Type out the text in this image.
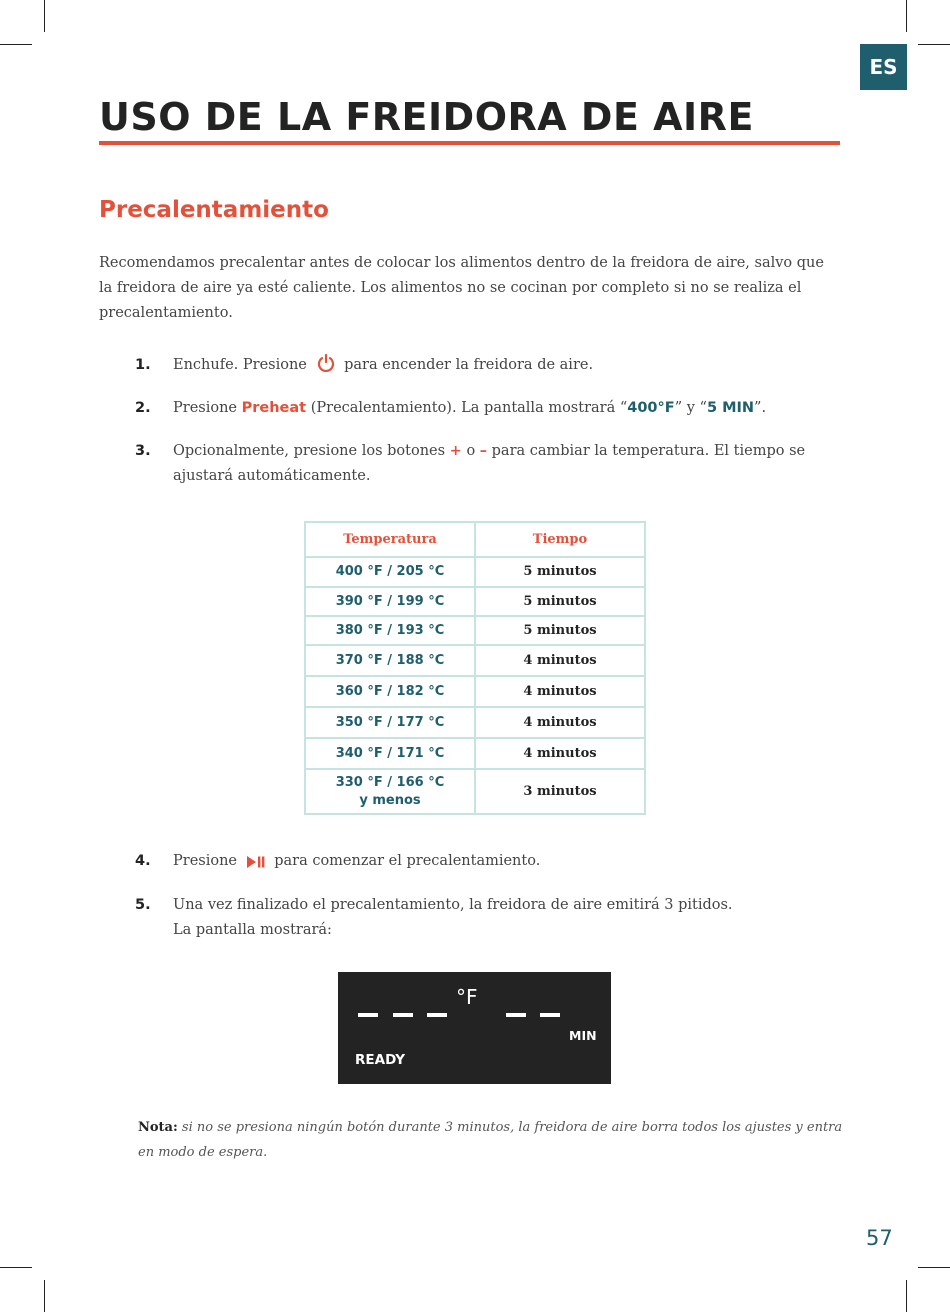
ES
USO DE LA FREIDORA DE AIRE
Precalentamiento

Recomendamos precalentar antes de colocar los alimentos dentro de la freidora de aire, salvo que la freidora de aire ya esté caliente. Los alimentos no se cocinan por completo si no se realiza el precalentamiento.

1.	Enchufe. Presione	para encender la freidora de aire.
2.	Presione Preheat (Precalentamiento). La pantalla mostrará “400°F” y “5 MIN”.
3.	Opcionalmente, presione los botones + o – para cambiar la temperatura. El tiempo se ajustará automáticamente.
Temperatura	Tiempo
400 °F / 205 °C	5 minutos
390 °F / 199 °C	5 minutos
380 °F / 193 °C	5 minutos
370 °F / 188 °C	4 minutos
360 °F / 182 °C	4 minutos
350 °F / 177 °C	4 minutos
340 °F / 171 °C	4 minutos
330 °F / 166 °C
y menos	3 minutos
4.	Presione	para comenzar el precalentamiento.
5.	Una vez finalizado el precalentamiento, la freidora de aire emitirá 3 pitidos.
La pantalla mostrará:
°F
MIN
READY

Nota: si no se presiona ningún botón durante 3 minutos, la freidora de aire borra todos los ajustes y entra en modo de espera.

57
